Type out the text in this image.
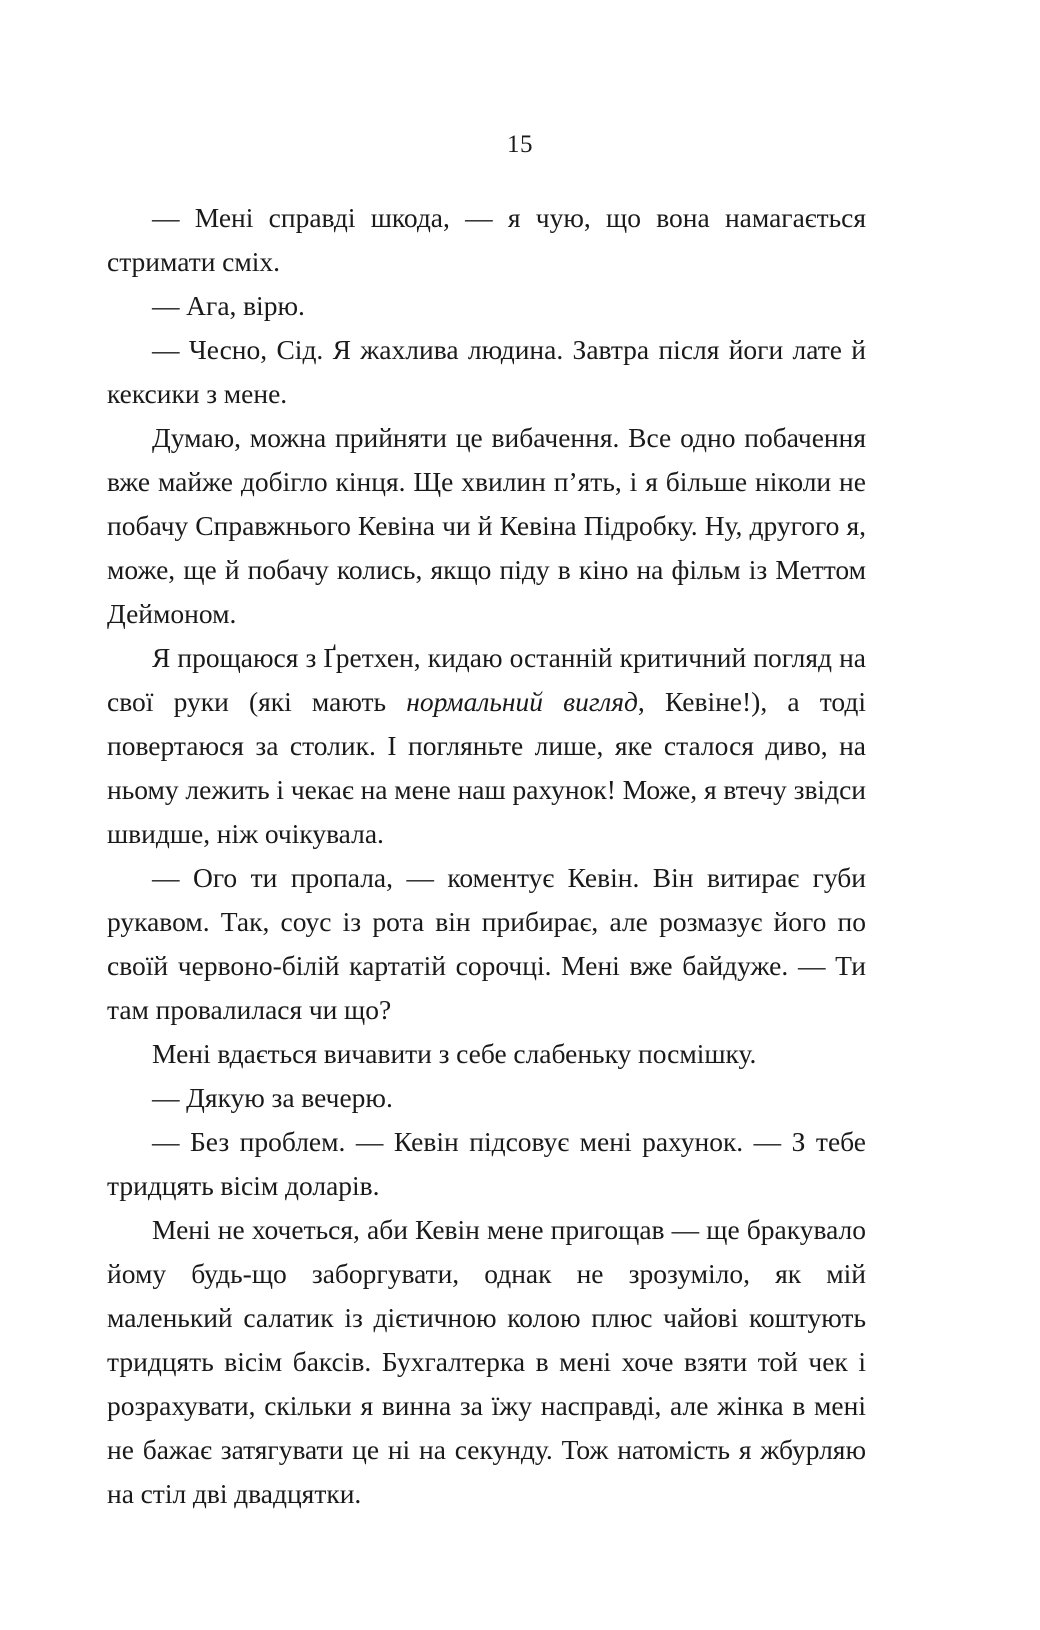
15

— Мені справді шкода, — я чую, що вона намагається стримати сміх.

— Ага, вірю.

— Чесно, Сід. Я жахлива людина. Завтра після йоги лате й кексики з мене.

Думаю, можна прийняти це вибачення. Все одно побачення вже майже добігло кінця. Ще хвилин п’ять, і я більше ніколи не побачу Справжнього Кевіна чи й Кевіна Підробку. Ну, другого я, може, ще й побачу колись, якщо піду в кіно на фільм із Меттом Деймоном.

Я прощаюся з Ґретхен, кидаю останній критичний погляд на свої руки (які мають нормальний вигляд, Кевіне!), а тоді повертаюся за столик. І погляньте лише, яке сталося диво, на ньому лежить і чекає на мене наш рахунок! Може, я втечу звідси швидше, ніж очікувала.

— Ого ти пропала, — коментує Кевін. Він витирає губи рукавом. Так, соус із рота він прибирає, але розмазує його по своїй червоно-білій картатій сорочці. Мені вже байдуже. — Ти там провалилася чи що?

Мені вдається вичавити з себе слабеньку посмішку.

— Дякую за вечерю.

— Без проблем. — Кевін підсовує мені рахунок. — З тебе тридцять вісім доларів.

Мені не хочеться, аби Кевін мене пригощав — ще бракувало йому будь-що заборгувати, однак не зрозуміло, як мій маленький салатик із дієтичною колою плюс чайові коштують тридцять вісім баксів. Бухгалтерка в мені хоче взяти той чек і розрахувати, скільки я винна за їжу насправді, але жінка в мені не бажає затягувати це ні на секунду. Тож натомість я жбурляю на стіл дві двадцятки.
